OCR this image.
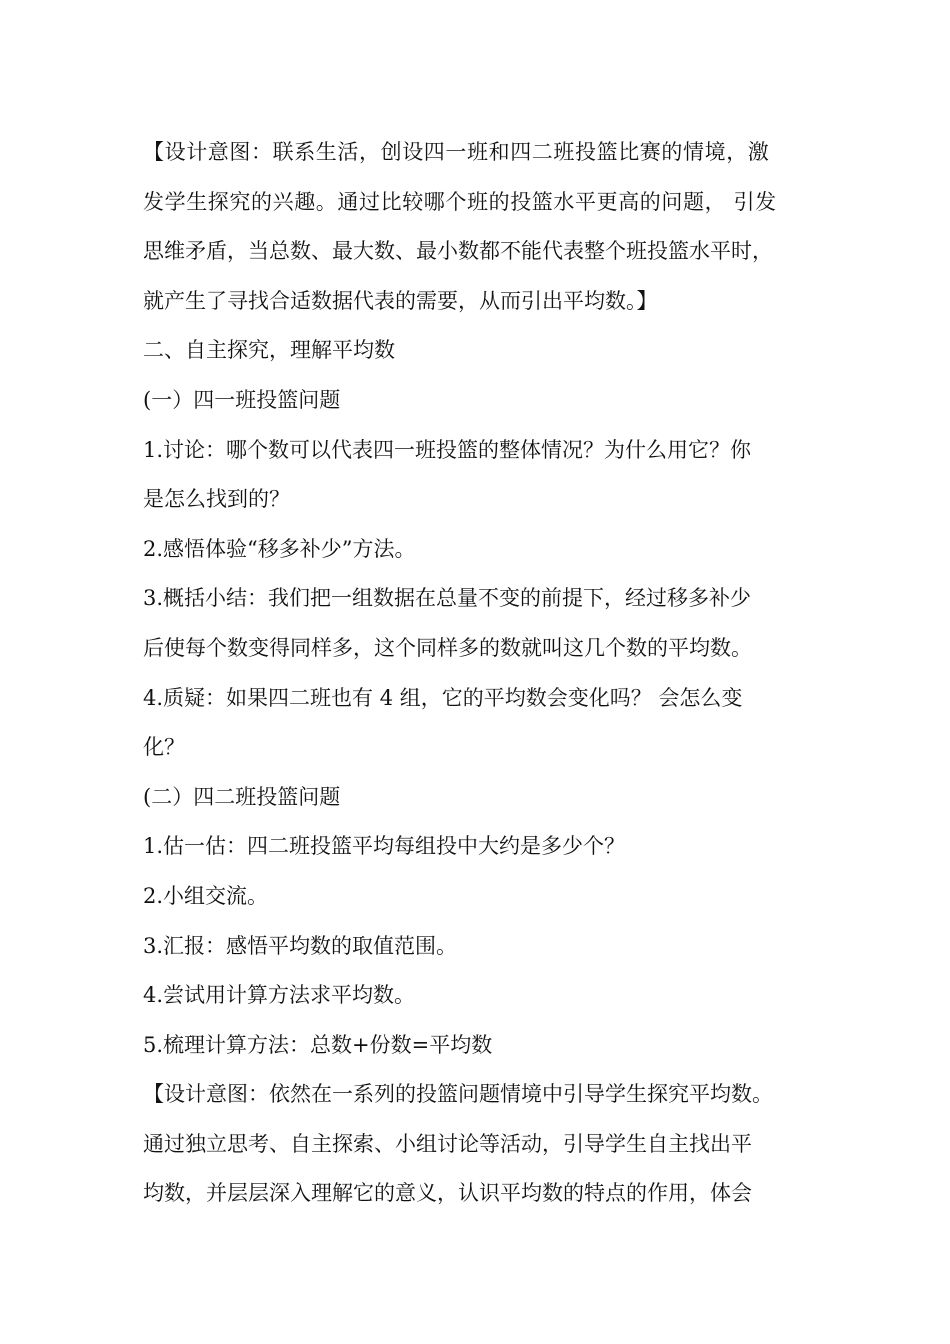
【设计意图：联系生活，创设四一班和四二班投篮比赛的情境，激
发学生探究的兴趣。通过比较哪个班的投篮水平更高的问题， 引发
思维矛盾，当总数、最大数、最小数都不能代表整个班投篮水平时，
就产生了寻找合适数据代表的需要，从而引出平均数。】
二、自主探究，理解平均数
(一）四一班投篮问题
1.讨论：哪个数可以代表四一班投篮的整体情况？为什么用它？你
是怎么找到的？
2.感悟体验“移多补少”方法。
3.概括小结：我们把一组数据在总量不变的前提下，经过移多补少
后使每个数变得同样多，这个同样多的数就叫这几个数的平均数。
4.质疑：如果四二班也有 4 组，它的平均数会变化吗？ 会怎么变
化？
(二）四二班投篮问题
1.估一估：四二班投篮平均每组投中大约是多少个？
2.小组交流。
3.汇报：感悟平均数的取值范围。
4.尝试用计算方法求平均数。
5.梳理计算方法：总数+份数=平均数
【设计意图：依然在一系列的投篮问题情境中引导学生探究平均数。
通过独立思考、自主探索、小组讨论等活动，引导学生自主找出平
均数，并层层深入理解它的意义，认识平均数的特点的作用，体会
